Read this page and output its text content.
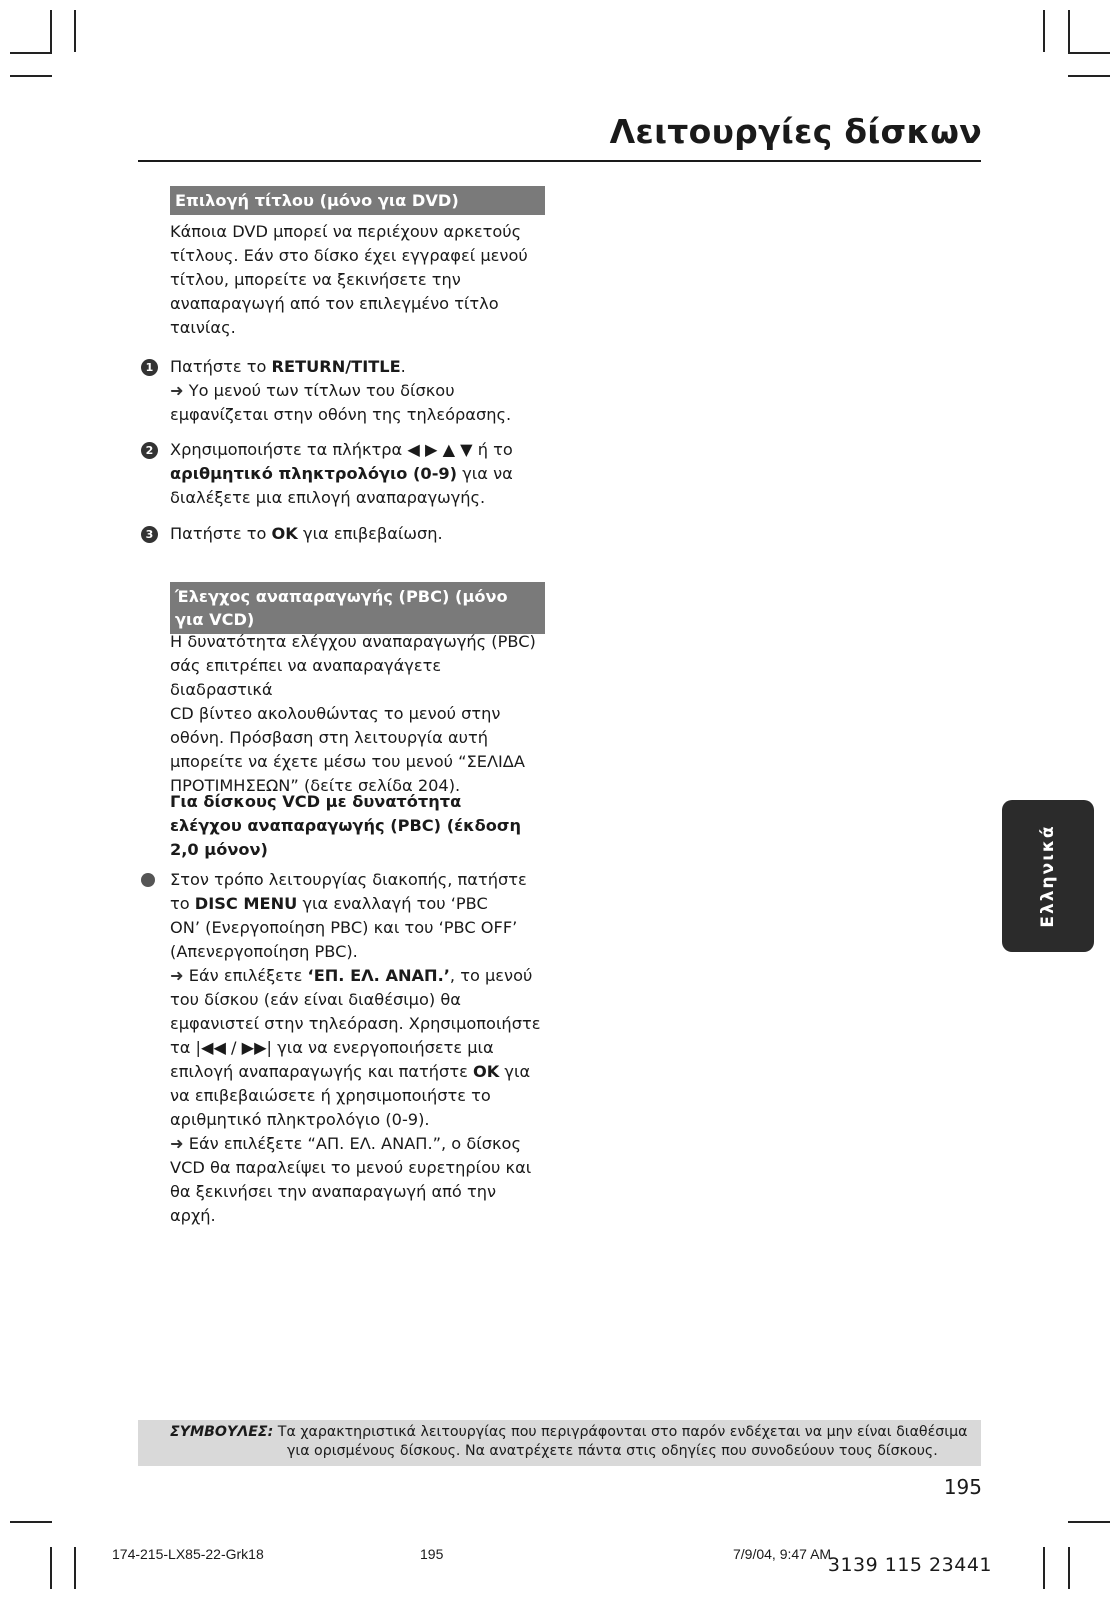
Λειτουργίες δίσκων
Επιλογή τίτλου (μόνο για DVD)

Κάποια DVD μπορεί να περιέχουν αρκετούς

τίτλους. Εάν στο δίσκο έχει εγγραφεί μενού

τίτλου, μπορείτε να ξεκινήσετε την

αναπαραγωγή από τον επιλεγμένο τίτλο

ταινίας.

1 Πατήστε το RETURN/TITLE.

➜ Υο μενού των τίτλων του δίσκου

εμφανίζεται στην οθόνη της τηλεόρασης.

2 Χρησιμοποιήστε τα πλήκτρα ◀ ▶ ▲ ▼ ή το

αριθμητικό πληκτρολόγιο (0-9) για να

διαλέξετε μια επιλογή αναπαραγωγής.

3 Πατήστε το OK για επιβεβαίωση.

Έλεγχος αναπαραγωγής (PBC) (μόνο
για VCD)

Η δυνατότητα ελέγχου αναπαραγωγής (PBC)

σάς επιτρέπει να αναπαραγάγετε διαδραστικά

CD βίντεο ακολουθώντας το μενού στην

οθόνη. Πρόσβαση στη λειτουργία αυτή

μπορείτε να έχετε μέσω του μενού “ΣΕΛΙΔΑ

ΠΡΟΤΙΜΗΣΕΩΝ” (δείτε σελίδα 204).

Για δίσκους VCD με δυνατότητα

ελέγχου αναπαραγωγής (PBC) (έκδοση

2,0 μόνον)

Στον τρόπο λειτουργίας διακοπής, πατήστε

το DISC MENU για εναλλαγή του ‘PBC

ON’ (Ενεργοποίηση PBC) και του ‘PBC OFF’

(Απενεργοποίηση PBC).

➜ Εάν επιλέξετε ‘ΕΠ. ΕΛ. ΑΝΑΠ.’, το μενού

του δίσκου (εάν είναι διαθέσιμο) θα

εμφανιστεί στην τηλεόραση. Χρησιμοποιήστε

τα |◀◀ / ▶▶| για να ενεργοποιήσετε μια

επιλογή αναπαραγωγής και πατήστε OK για

να επιβεβαιώσετε ή χρησιμοποιήστε το

αριθμητικό πληκτρολόγιο (0-9).

➜ Εάν επιλέξετε “ΑΠ. ΕΛ. ΑΝΑΠ.”, ο δίσκος

VCD θα παραλείψει το μενού ευρετηρίου και

θα ξεκινήσει την αναπαραγωγή από την

αρχή.

Ελληνικά
ΣΥΜΒΟΥΛΕΣ: Τα χαρακτηριστικά λειτουργίας που περιγράφονται στο παρόν ενδέχεται να μην είναι διαθέσιμα
για ορισμένους δίσκους. Να ανατρέχετε πάντα στις οδηγίες που συνοδεύουν τους δίσκους.
195
174-215-LX85-22-Grk18	195	7/9/04, 9:47 AM
3139 115 23441
